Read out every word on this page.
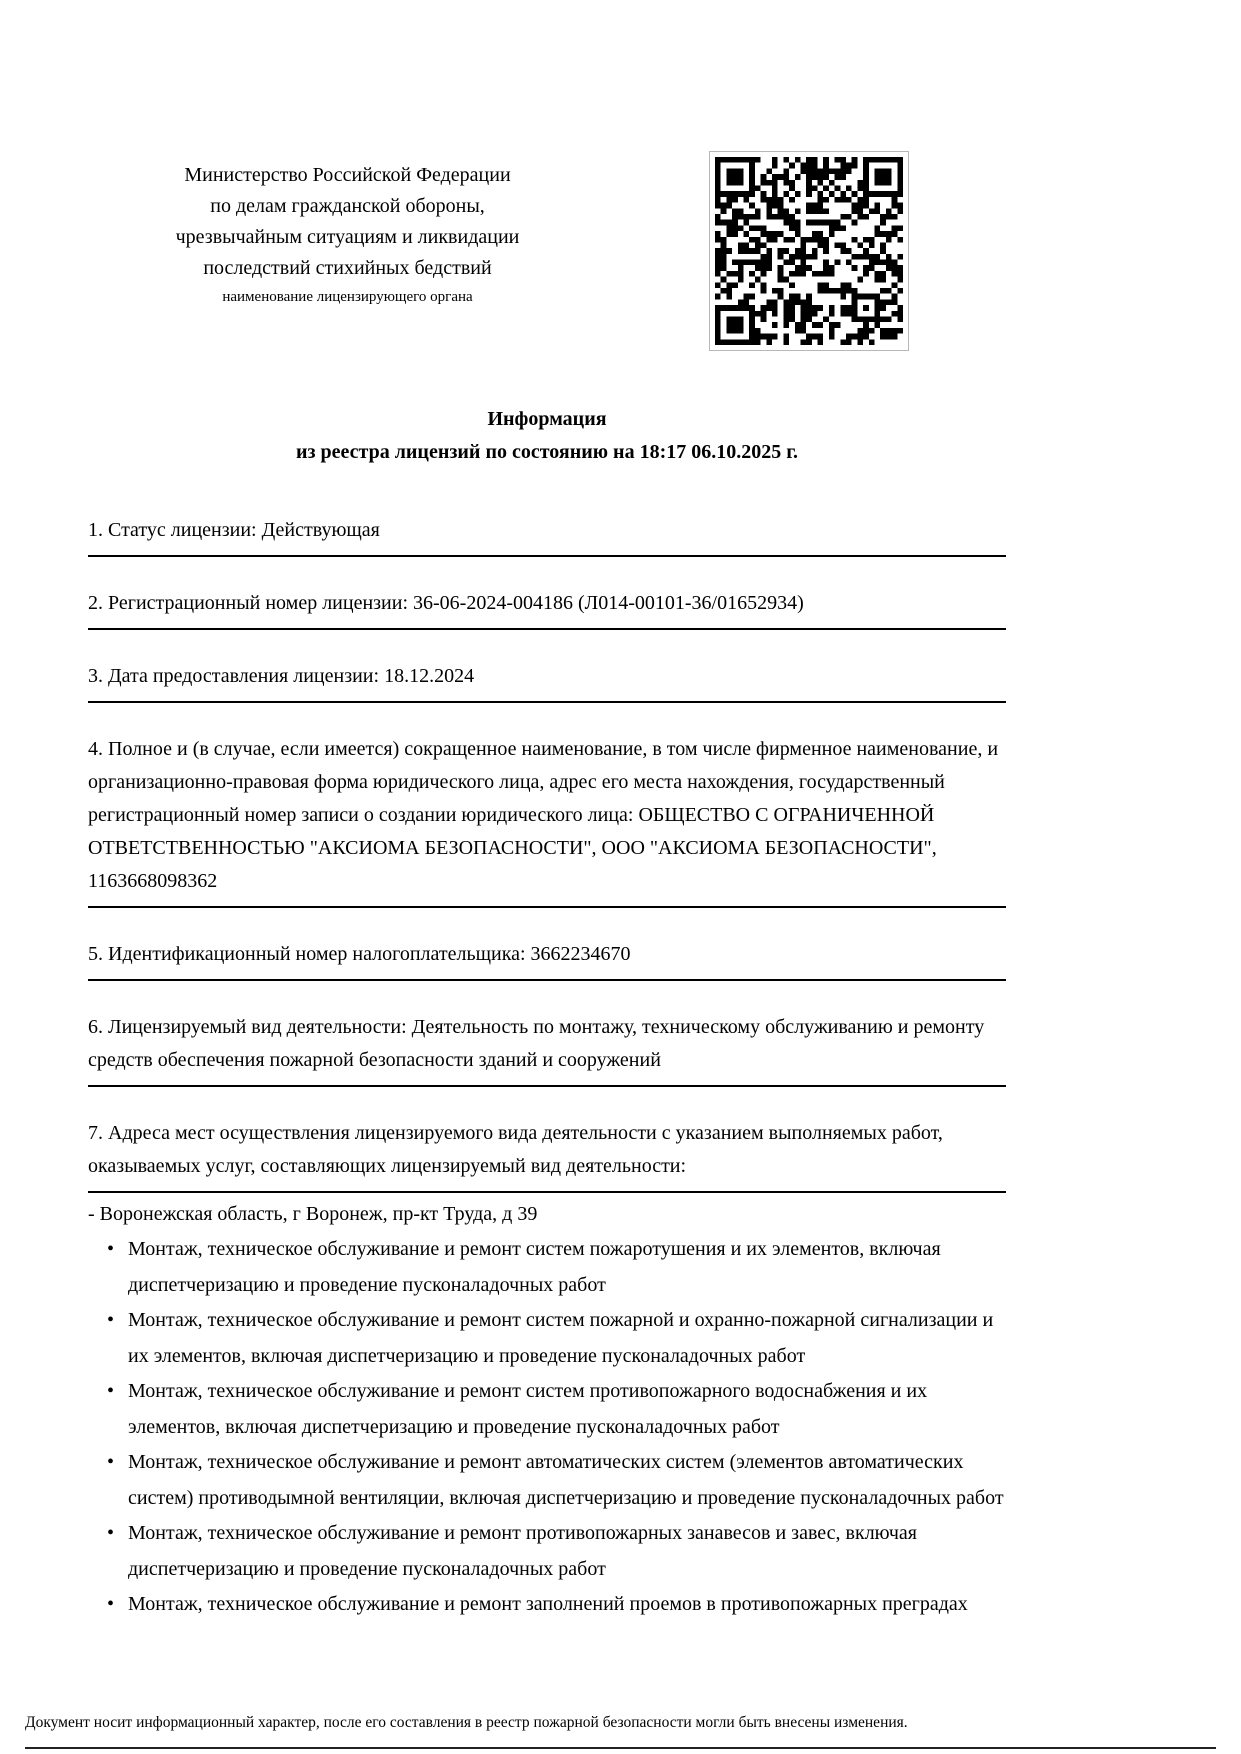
Министерство Российской Федерации
по делам гражданской обороны,
чрезвычайным ситуациям и ликвидации
последствий стихийных бедствий
наименование лицензирующего органа
Информация
из реестра лицензий по состоянию на 18:17 06.10.2025 г.
1. Статус лицензии: Действующая
2. Регистрационный номер лицензии: 36-06-2024-004186 (Л014-00101-36/01652934)
3. Дата предоставления лицензии: 18.12.2024
4. Полное и (в случае, если имеется) сокращенное наименование, в том числе фирменное наименование, и организационно-правовая форма юридического лица, адрес его места нахождения, государственный регистрационный номер записи о создании юридического лица: ОБЩЕСТВО С ОГРАНИЧЕННОЙ ОТВЕТСТВЕННОСТЬЮ "АКСИОМА БЕЗОПАСНОСТИ", ООО "АКСИОМА БЕЗОПАСНОСТИ", 1163668098362
5. Идентификационный номер налогоплательщика: 3662234670
6. Лицензируемый вид деятельности: Деятельность по монтажу, техническому обслуживанию и ремонту средств обеспечения пожарной безопасности зданий и сооружений
7. Адреса мест осуществления лицензируемого вида деятельности с указанием выполняемых работ, оказываемых услуг, составляющих лицензируемый вид деятельности:
- Воронежская область, г Воронеж, пр-кт Труда, д 39
• Монтаж, техническое обслуживание и ремонт систем пожаротушения и их элементов, включая диспетчеризацию и проведение пусконаладочных работ
• Монтаж, техническое обслуживание и ремонт систем пожарной и охранно-пожарной сигнализации и их элементов, включая диспетчеризацию и проведение пусконаладочных работ
• Монтаж, техническое обслуживание и ремонт систем противопожарного водоснабжения и их элементов, включая диспетчеризацию и проведение пусконаладочных работ
• Монтаж, техническое обслуживание и ремонт автоматических систем (элементов автоматических систем) противодымной вентиляции, включая диспетчеризацию и проведение пусконаладочных работ
• Монтаж, техническое обслуживание и ремонт противопожарных занавесов и завес, включая диспетчеризацию и проведение пусконаладочных работ
• Монтаж, техническое обслуживание и ремонт заполнений проемов в противопожарных преградах
Документ носит информационный характер, после его составления в реестр пожарной безопасности могли быть внесены изменения.
